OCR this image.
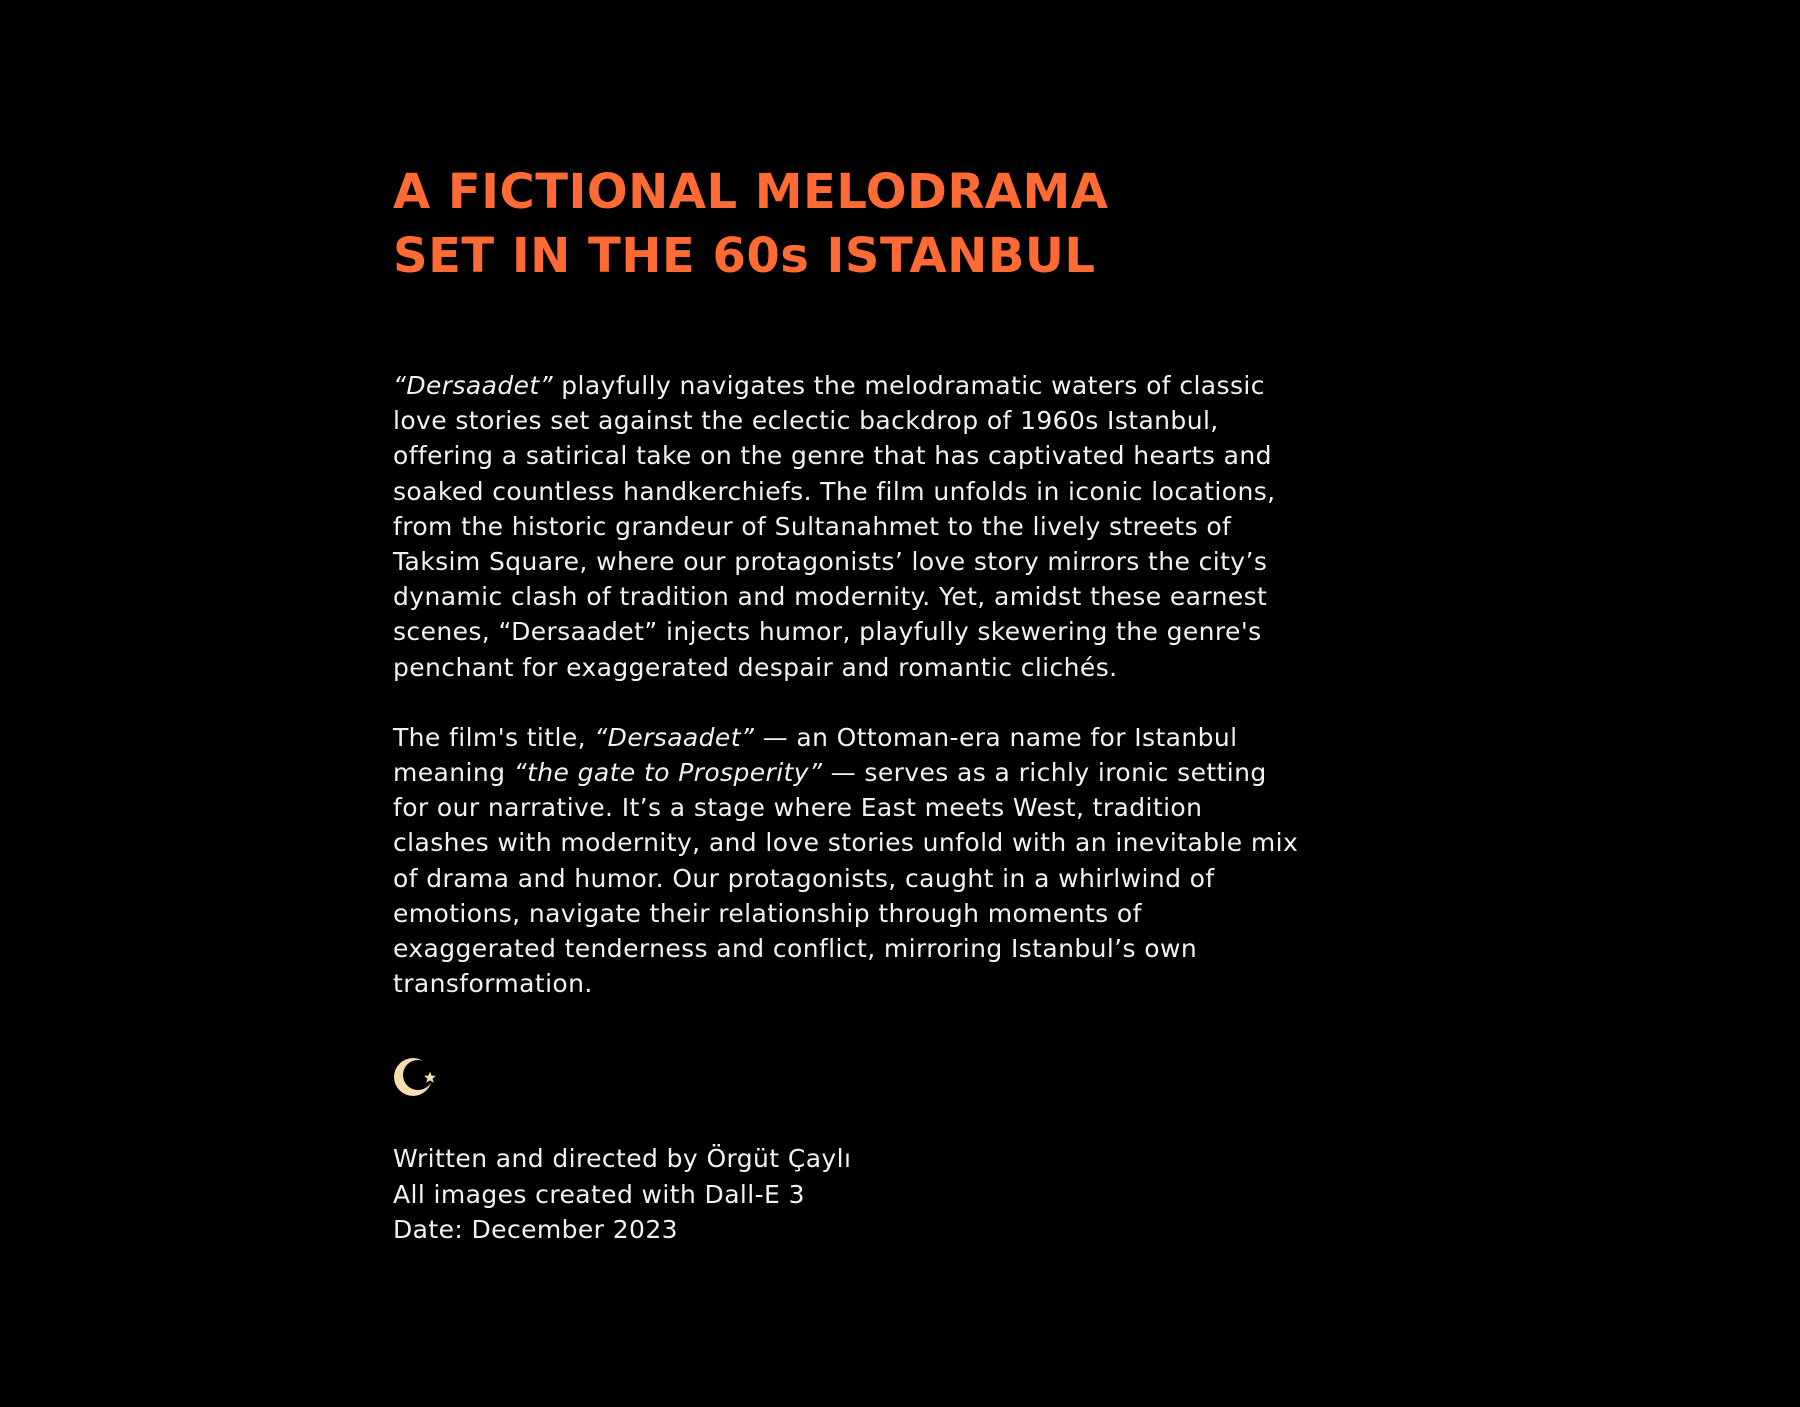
A FICTIONAL MELODRAMA
SET IN THE 60s ISTANBUL

“Dersaadet” playfully navigates the melodramatic waters of classic
love stories set against the eclectic backdrop of 1960s Istanbul,
offering a satirical take on the genre that has captivated hearts and
soaked countless handkerchiefs. The film unfolds in iconic locations,
from the historic grandeur of Sultanahmet to the lively streets of
Taksim Square, where our protagonists’ love story mirrors the city’s
dynamic clash of tradition and modernity. Yet, amidst these earnest
scenes, “Dersaadet” injects humor, playfully skewering the genre's
penchant for exaggerated despair and romantic clichés.

The film's title, “Dersaadet” — an Ottoman-era name for Istanbul
meaning “the gate to Prosperity” — serves as a richly ironic setting
for our narrative. It’s a stage where East meets West, tradition
clashes with modernity, and love stories unfold with an inevitable mix
of drama and humor. Our protagonists, caught in a whirlwind of
emotions, navigate their relationship through moments of
exaggerated tenderness and conflict, mirroring Istanbul’s own
transformation.

Written and directed by Örgüt Çaylı
All images created with Dall-E 3
Date: December 2023
